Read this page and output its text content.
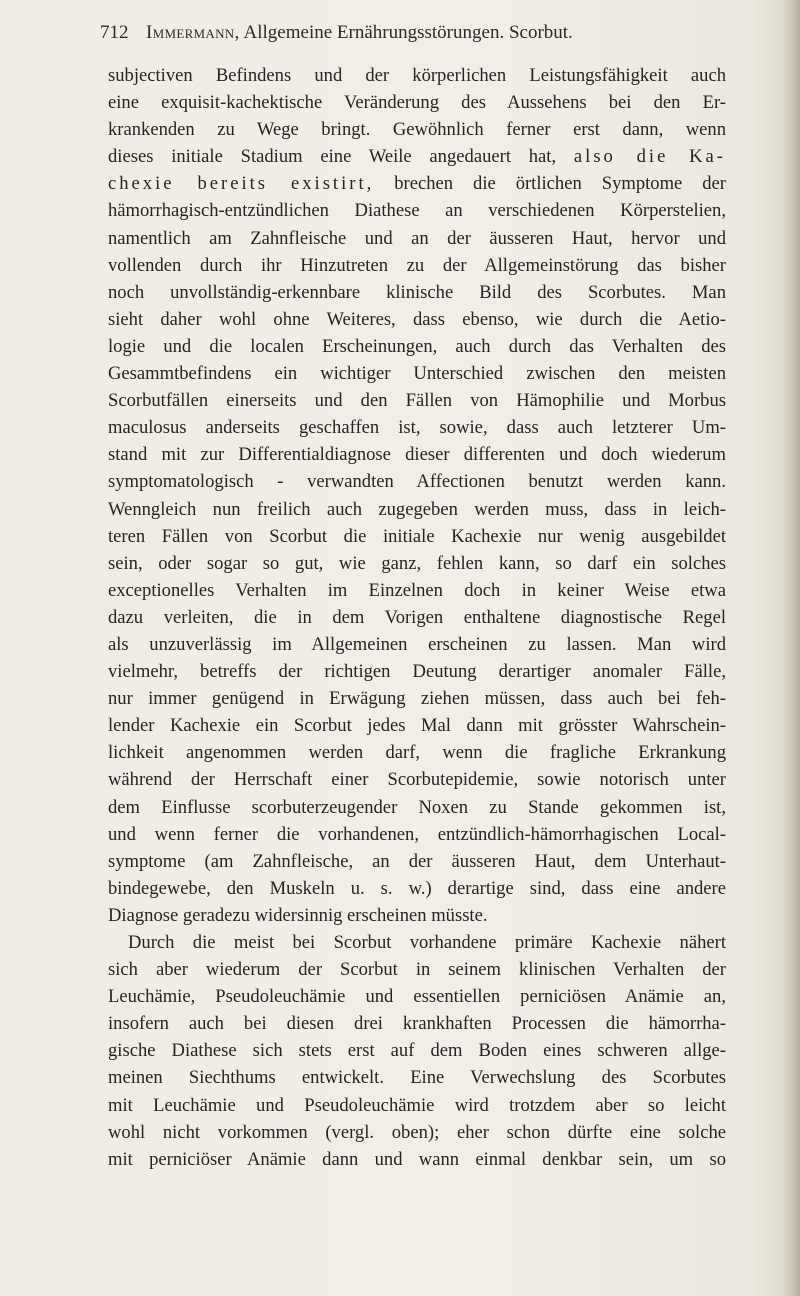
712 Immermann, Allgemeine Ernährungsstörungen. Scorbut.
subjectiven Befindens und der körperlichen Leistungsfähigkeit auch
eine exquisit-kachektische Veränderung des Aussehens bei den Er-
krankenden zu Wege bringt. Gewöhnlich ferner erst dann, wenn
dieses initiale Stadium eine Weile angedauert hat, also die Ka-
chexie bereits existirt, brechen die örtlichen Symptome der
hämorrhagisch-entzündlichen Diathese an verschiedenen Körperstelien,
namentlich am Zahnfleische und an der äusseren Haut, hervor und
vollenden durch ihr Hinzutreten zu der Allgemeinstörung das bisher
noch unvollständig-erkennbare klinische Bild des Scorbutes. Man
sieht daher wohl ohne Weiteres, dass ebenso, wie durch die Aetio-
logie und die localen Erscheinungen, auch durch das Verhalten des
Gesammtbefindens ein wichtiger Unterschied zwischen den meisten
Scorbutfällen einerseits und den Fällen von Hämophilie und Morbus
maculosus anderseits geschaffen ist, sowie, dass auch letzterer Um-
stand mit zur Differentialdiagnose dieser differenten und doch wiederum
symptomatologisch - verwandten Affectionen benutzt werden kann.
Wenngleich nun freilich auch zugegeben werden muss, dass in leich-
teren Fällen von Scorbut die initiale Kachexie nur wenig ausgebildet
sein, oder sogar so gut, wie ganz, fehlen kann, so darf ein solches
exceptionelles Verhalten im Einzelnen doch in keiner Weise etwa
dazu verleiten, die in dem Vorigen enthaltene diagnostische Regel
als unzuverlässig im Allgemeinen erscheinen zu lassen. Man wird
vielmehr, betreffs der richtigen Deutung derartiger anomaler Fälle,
nur immer genügend in Erwägung ziehen müssen, dass auch bei feh-
lender Kachexie ein Scorbut jedes Mal dann mit grösster Wahrschein-
lichkeit angenommen werden darf, wenn die fragliche Erkrankung
während der Herrschaft einer Scorbutepidemie, sowie notorisch unter
dem Einflusse scorbuterzeugender Noxen zu Stande gekommen ist,
und wenn ferner die vorhandenen, entzündlich-hämorrhagischen Local-
symptome (am Zahnfleische, an der äusseren Haut, dem Unterhaut-
bindegewebe, den Muskeln u. s. w.) derartige sind, dass eine andere
Diagnose geradezu widersinnig erscheinen müsste.
Durch die meist bei Scorbut vorhandene primäre Kachexie nähert
sich aber wiederum der Scorbut in seinem klinischen Verhalten der
Leuchämie, Pseudoleuchämie und essentiellen perniciösen Anämie an,
insofern auch bei diesen drei krankhaften Processen die hämorrha-
gische Diathese sich stets erst auf dem Boden eines schweren allge-
meinen Siechthums entwickelt. Eine Verwechslung des Scorbutes
mit Leuchämie und Pseudoleuchämie wird trotzdem aber so leicht
wohl nicht vorkommen (vergl. oben); eher schon dürfte eine solche
mit perniciöser Anämie dann und wann einmal denkbar sein, um so
